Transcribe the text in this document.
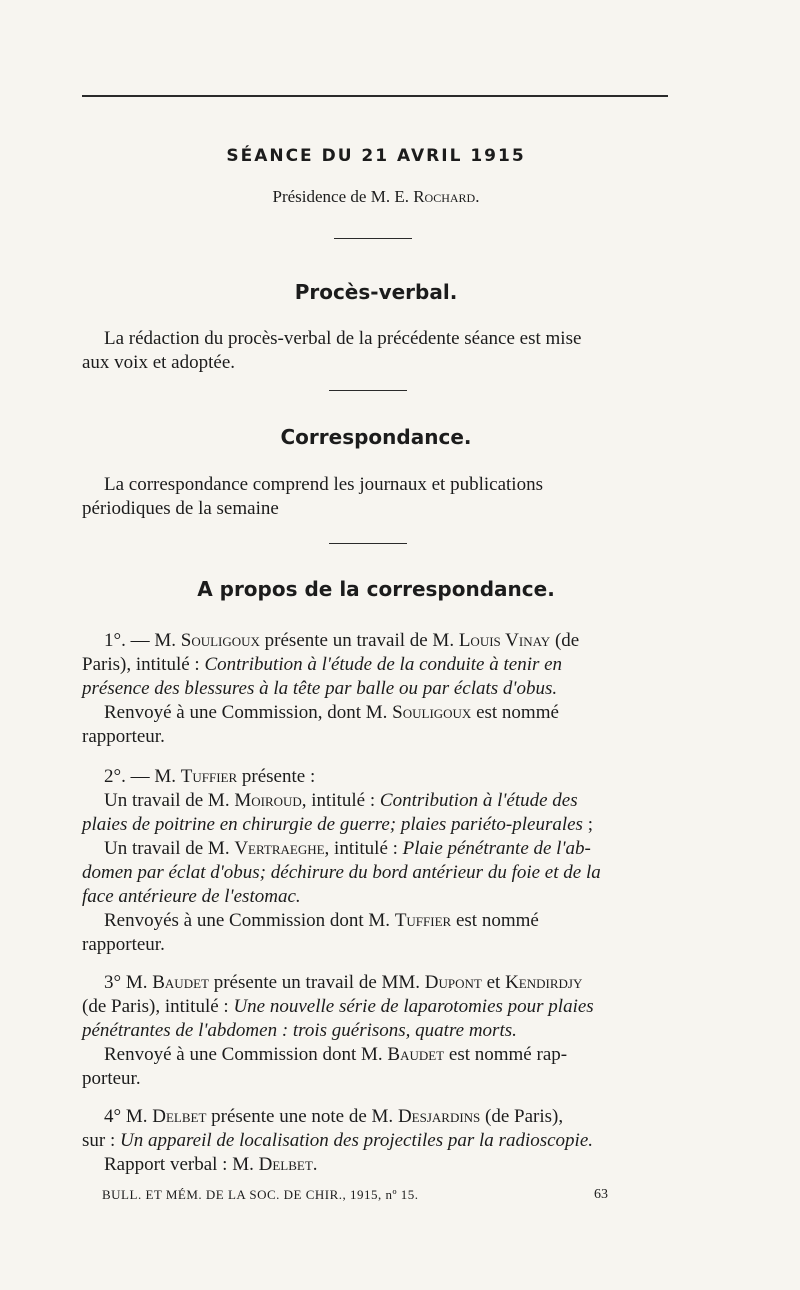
SÉANCE DU 21 AVRIL 1915
Présidence de M. E. Rochard.
Procès-verbal.

La rédaction du procès-verbal de la précédente séance est mise

aux voix et adoptée.

Correspondance.

La correspondance comprend les journaux et publications

périodiques de la semaine

A propos de la correspondance.

1°. — M. Souligoux présente un travail de M. Louis Vinay (de

Paris), intitulé : Contribution à l'étude de la conduite à tenir en

présence des blessures à la tête par balle ou par éclats d'obus.

Renvoyé à une Commission, dont M. Souligoux est nommé

rapporteur.

2°. — M. Tuffier présente :

Un travail de M. Moiroud, intitulé : Contribution à l'étude des

plaies de poitrine en chirurgie de guerre; plaies pariéto-pleurales ;

Un travail de M. Vertraeghe, intitulé : Plaie pénétrante de l'ab-

domen par éclat d'obus; déchirure du bord antérieur du foie et de la

face antérieure de l'estomac.

Renvoyés à une Commission dont M. Tuffier est nommé

rapporteur.

3° M. Baudet présente un travail de MM. Dupont et Kendirdjy

(de Paris), intitulé : Une nouvelle série de laparotomies pour plaies

pénétrantes de l'abdomen : trois guérisons, quatre morts.

Renvoyé à une Commission dont M. Baudet est nommé rap-

porteur.

4° M. Delbet présente une note de M. Desjardins (de Paris),

sur : Un appareil de localisation des projectiles par la radioscopie.

Rapport verbal : M. Delbet.

BULL. ET MÉM. DE LA SOC. DE CHIR., 1915, nº 15.	63
